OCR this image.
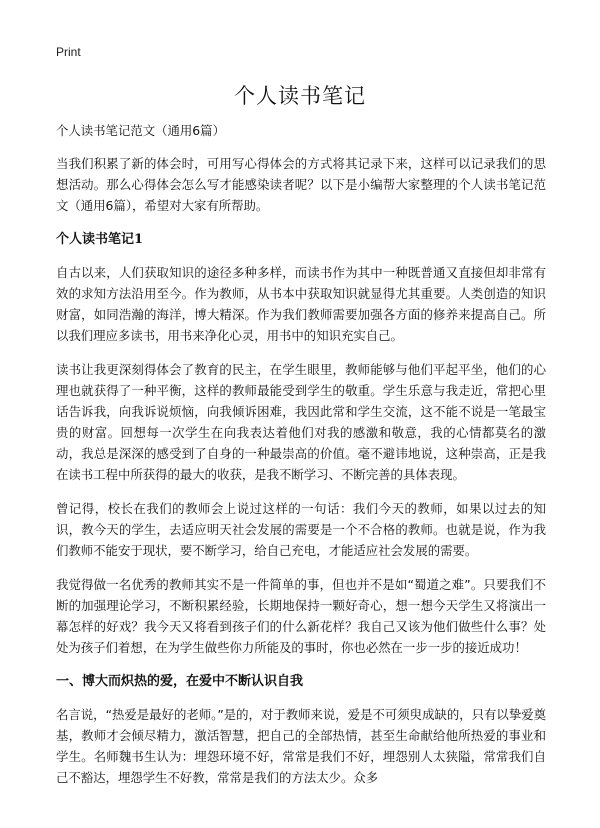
Print
个人读书笔记

个人读书笔记范文（通用6篇）

当我们积累了新的体会时，可用写心得体会的方式将其记录下来，这样可以记录我们的思想活动。那么心得体会怎么写才能感染读者呢？以下是小编帮大家整理的个人读书笔记范文（通用6篇），希望对大家有所帮助。

个人读书笔记1

自古以来，人们获取知识的途径多种多样，而读书作为其中一种既普通又直接但却非常有效的求知方法沿用至今。作为教师，从书本中获取知识就显得尤其重要。人类创造的知识财富，如同浩瀚的海洋，博大精深。作为我们教师需要加强各方面的修养来提高自己。所以我们理应多读书，用书来净化心灵，用书中的知识充实自己。

读书让我更深刻得体会了教育的民主，在学生眼里，教师能够与他们平起平坐，他们的心理也就获得了一种平衡，这样的教师最能受到学生的敬重。学生乐意与我走近，常把心里话告诉我，向我诉说烦恼，向我倾诉困难，我因此常和学生交流，这不能不说是一笔最宝贵的财富。回想每一次学生在向我表达着他们对我的感激和敬意，我的心情都莫名的激动，我总是深深的感受到了自身的一种最崇高的价值。毫不避讳地说，这种崇高，正是我在读书工程中所获得的最大的收获，是我不断学习、不断完善的具体表现。

曾记得，校长在我们的教师会上说过这样的一句话：我们今天的教师，如果以过去的知识，教今天的学生，去适应明天社会发展的需要是一个不合格的教师。也就是说，作为我们教师不能安于现状，要不断学习，给自己充电，才能适应社会发展的需要。

我觉得做一名优秀的教师其实不是一件简单的事，但也并不是如“蜀道之难”。只要我们不断的加强理论学习，不断积累经验，长期地保持一颗好奇心，想一想今天学生又将演出一幕怎样的好戏？我今天又将看到孩子们的什么新花样？我自己又该为他们做些什么事？处处为孩子们着想，在为学生做些你力所能及的事时，你也必然在一步一步的接近成功！

一、博大而炽热的爱，在爱中不断认识自我

名言说，“热爱是最好的老师。”是的，对于教师来说，爱是不可须臾成缺的，只有以挚爱奠基，教师才会倾尽精力，激活智慧，把自己的全部热情，甚至生命献给他所热爱的事业和学生。名师魏书生认为：埋怨环境不好，常常是我们不好，埋怨别人太狭隘，常常我们自己不豁达，埋怨学生不好教，常常是我们的方法太少。众多
